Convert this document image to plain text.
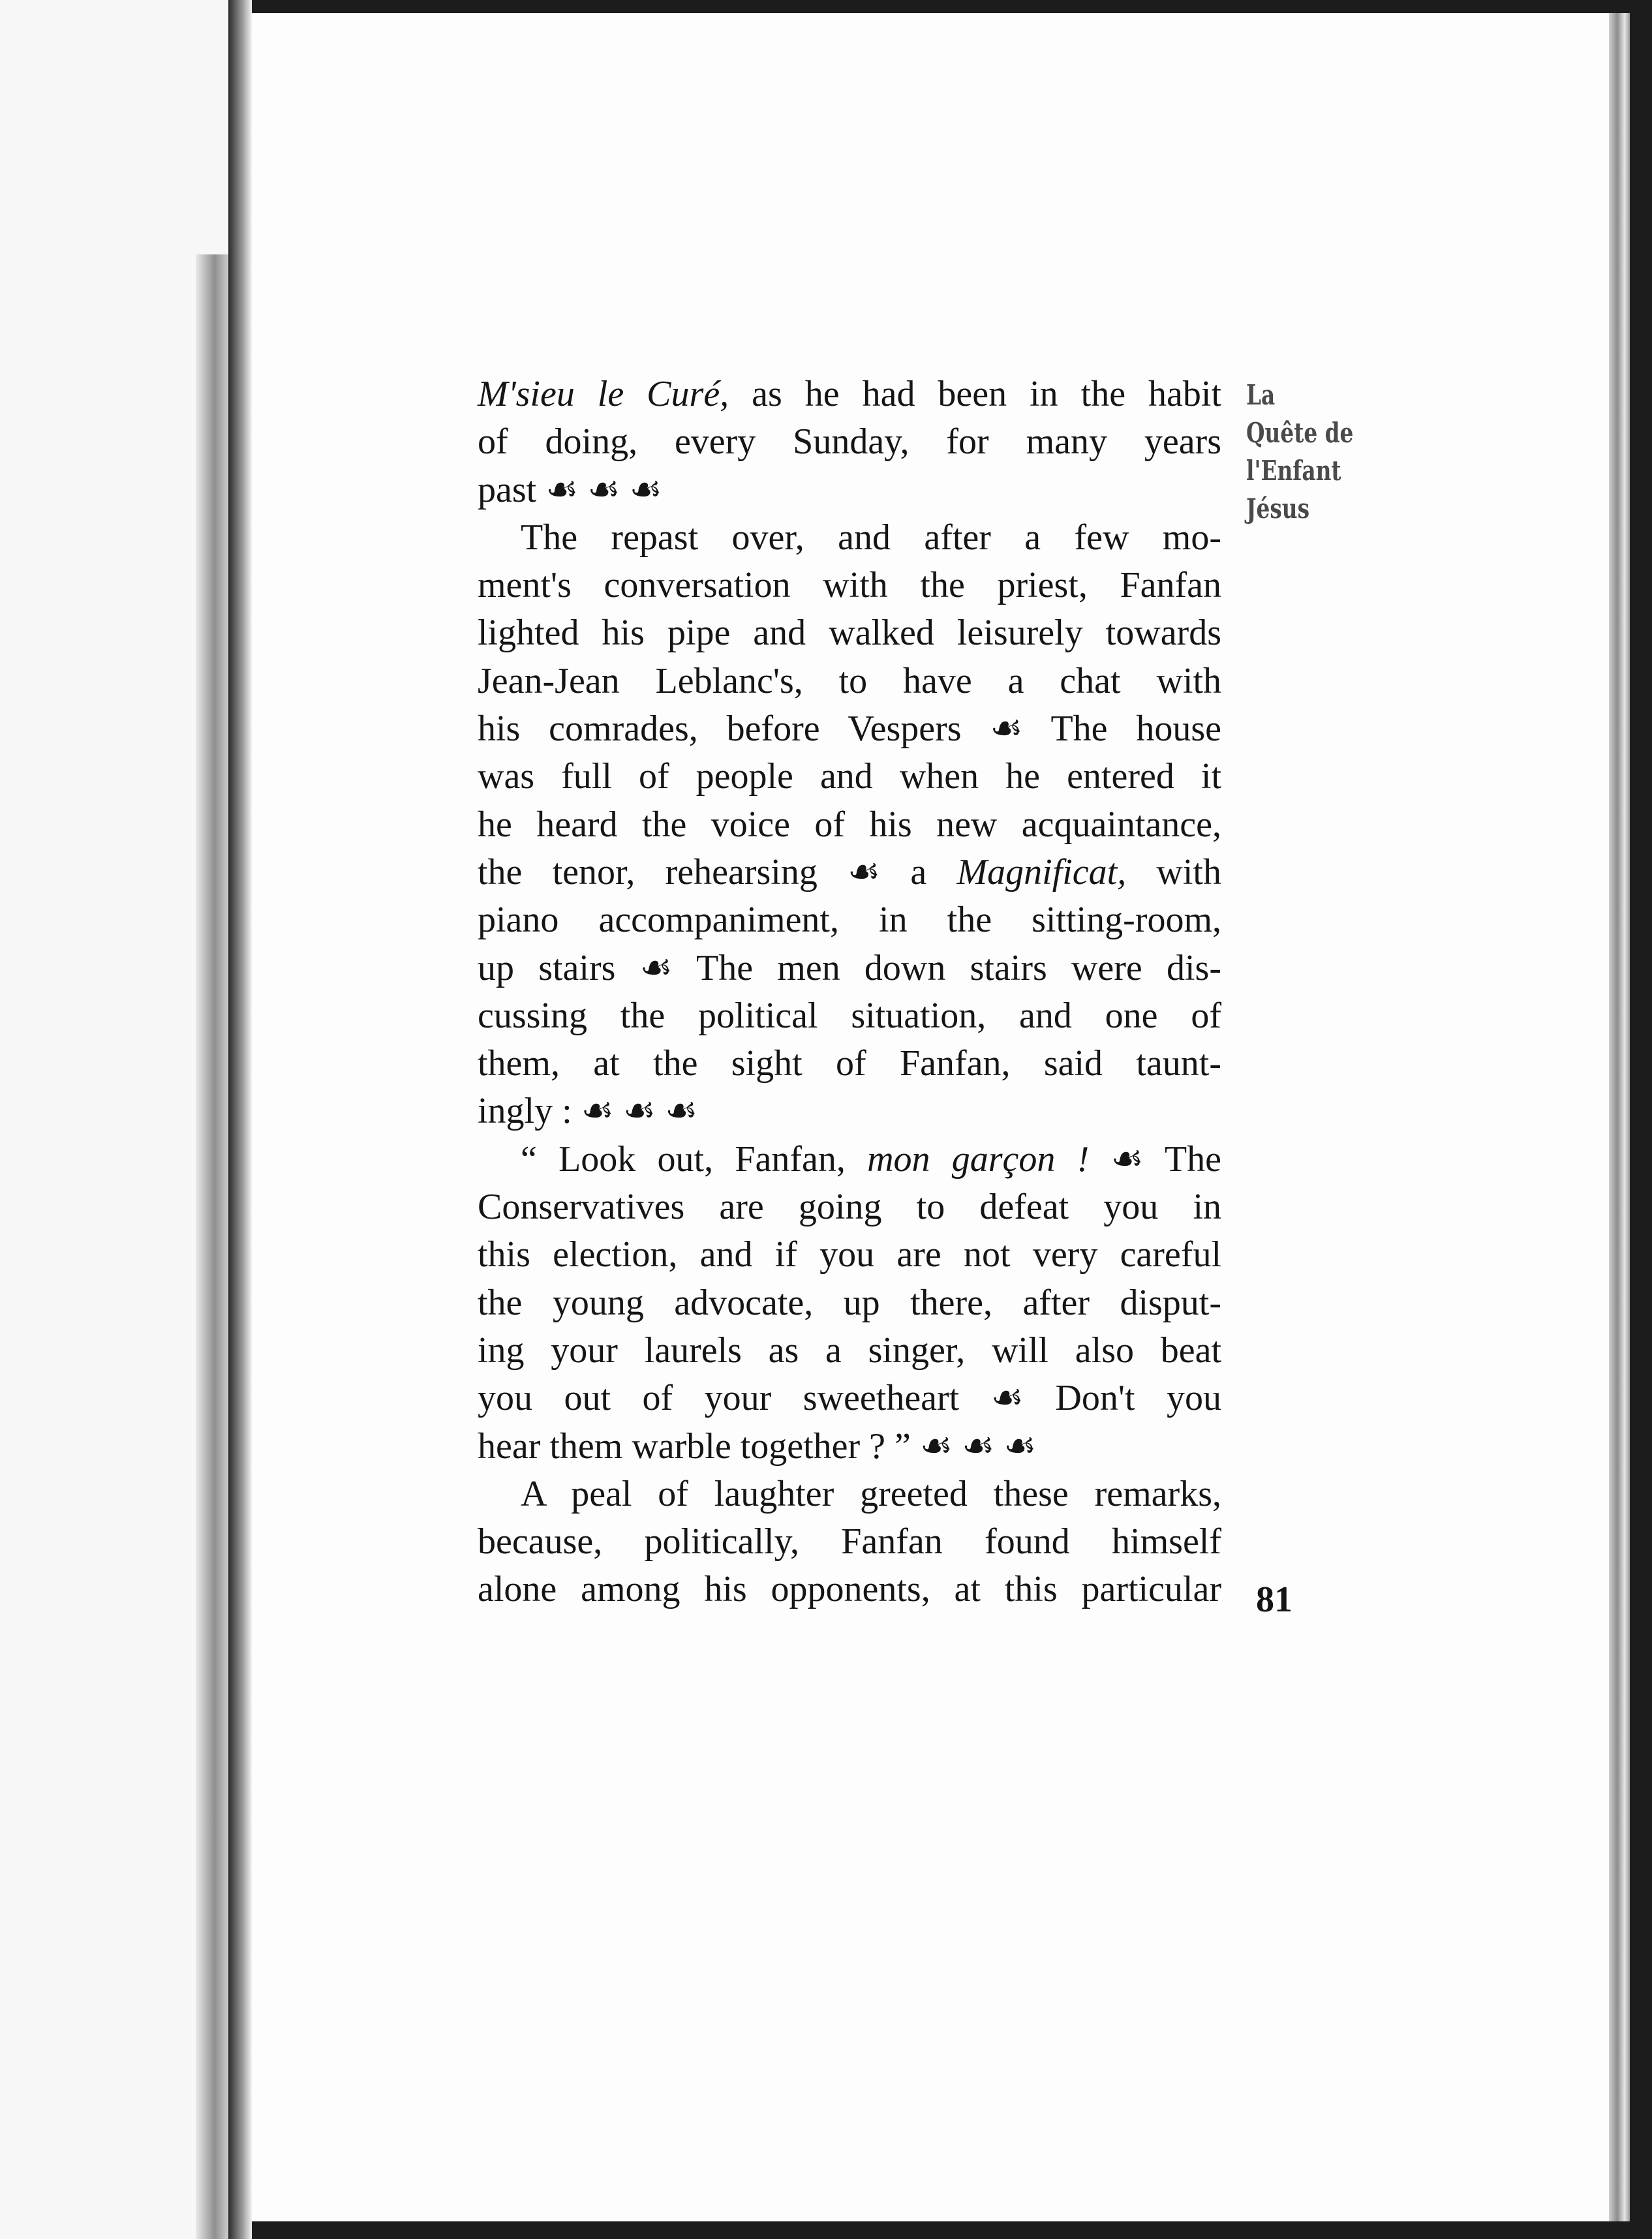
M'sieu le Curé, as he had been in the habit
of doing, every Sunday, for many years
past ☙ ☙ ☙
The repast over, and after a few mo-
ment's conversation with the priest, Fanfan
lighted his pipe and walked leisurely towards
Jean-Jean Leblanc's, to have a chat with
his comrades, before Vespers ☙ The house
was full of people and when he entered it
he heard the voice of his new acquaintance,
the tenor, rehearsing ☙ a Magnificat, with
piano accompaniment, in the sitting-room,
up stairs ☙ The men down stairs were dis-
cussing the political situation, and one of
them, at the sight of Fanfan, said taunt-
ingly : ☙ ☙ ☙
“ Look out, Fanfan, mon garçon ! ☙ The
Conservatives are going to defeat you in
this election, and if you are not very careful
the young advocate, up there, after disput-
ing your laurels as a singer, will also beat
you out of your sweetheart ☙ Don't you
hear them warble together ? ” ☙ ☙ ☙
A peal of laughter greeted these remarks,
because, politically, Fanfan found himself
alone among his opponents, at this particular
La
Quête de
l'Enfant
Jésus
81
